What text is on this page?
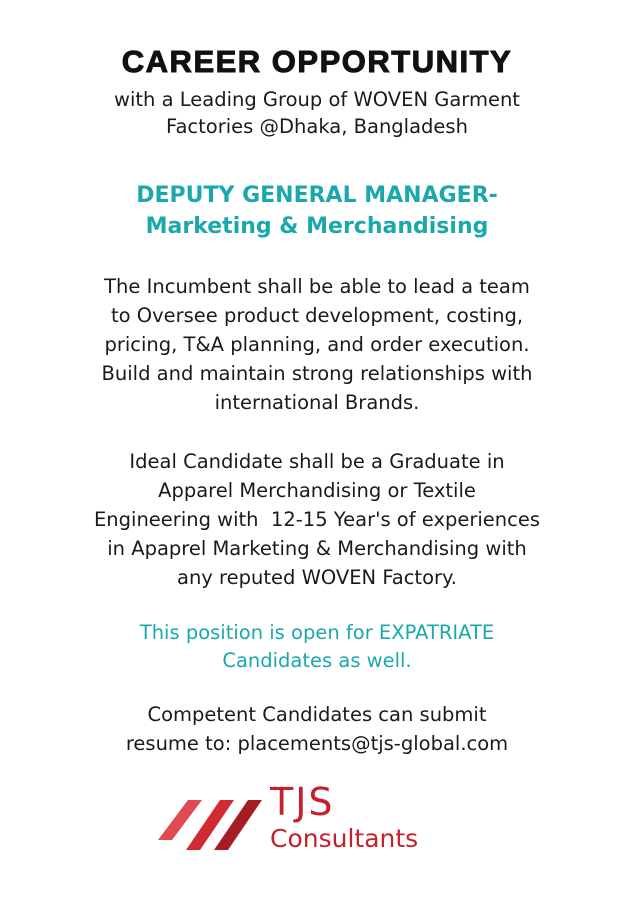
CAREER OPPORTUNITY
with a Leading Group of WOVEN Garment
Factories @Dhaka, Bangladesh
DEPUTY GENERAL MANAGER-
Marketing & Merchandising
The Incumbent shall be able to lead a team
to Oversee product development, costing,
pricing, T&A planning, and order execution.
Build and maintain strong relationships with
international Brands.
Ideal Candidate shall be a Graduate in
Apparel Merchandising or Textile
Engineering with  12-15 Year's of experiences
in Apaprel Marketing & Merchandising with
any reputed WOVEN Factory.
This position is open for EXPATRIATE
Candidates as well.
Competent Candidates can submit
resume to: placements@tjs-global.com
TJS
Consultants
